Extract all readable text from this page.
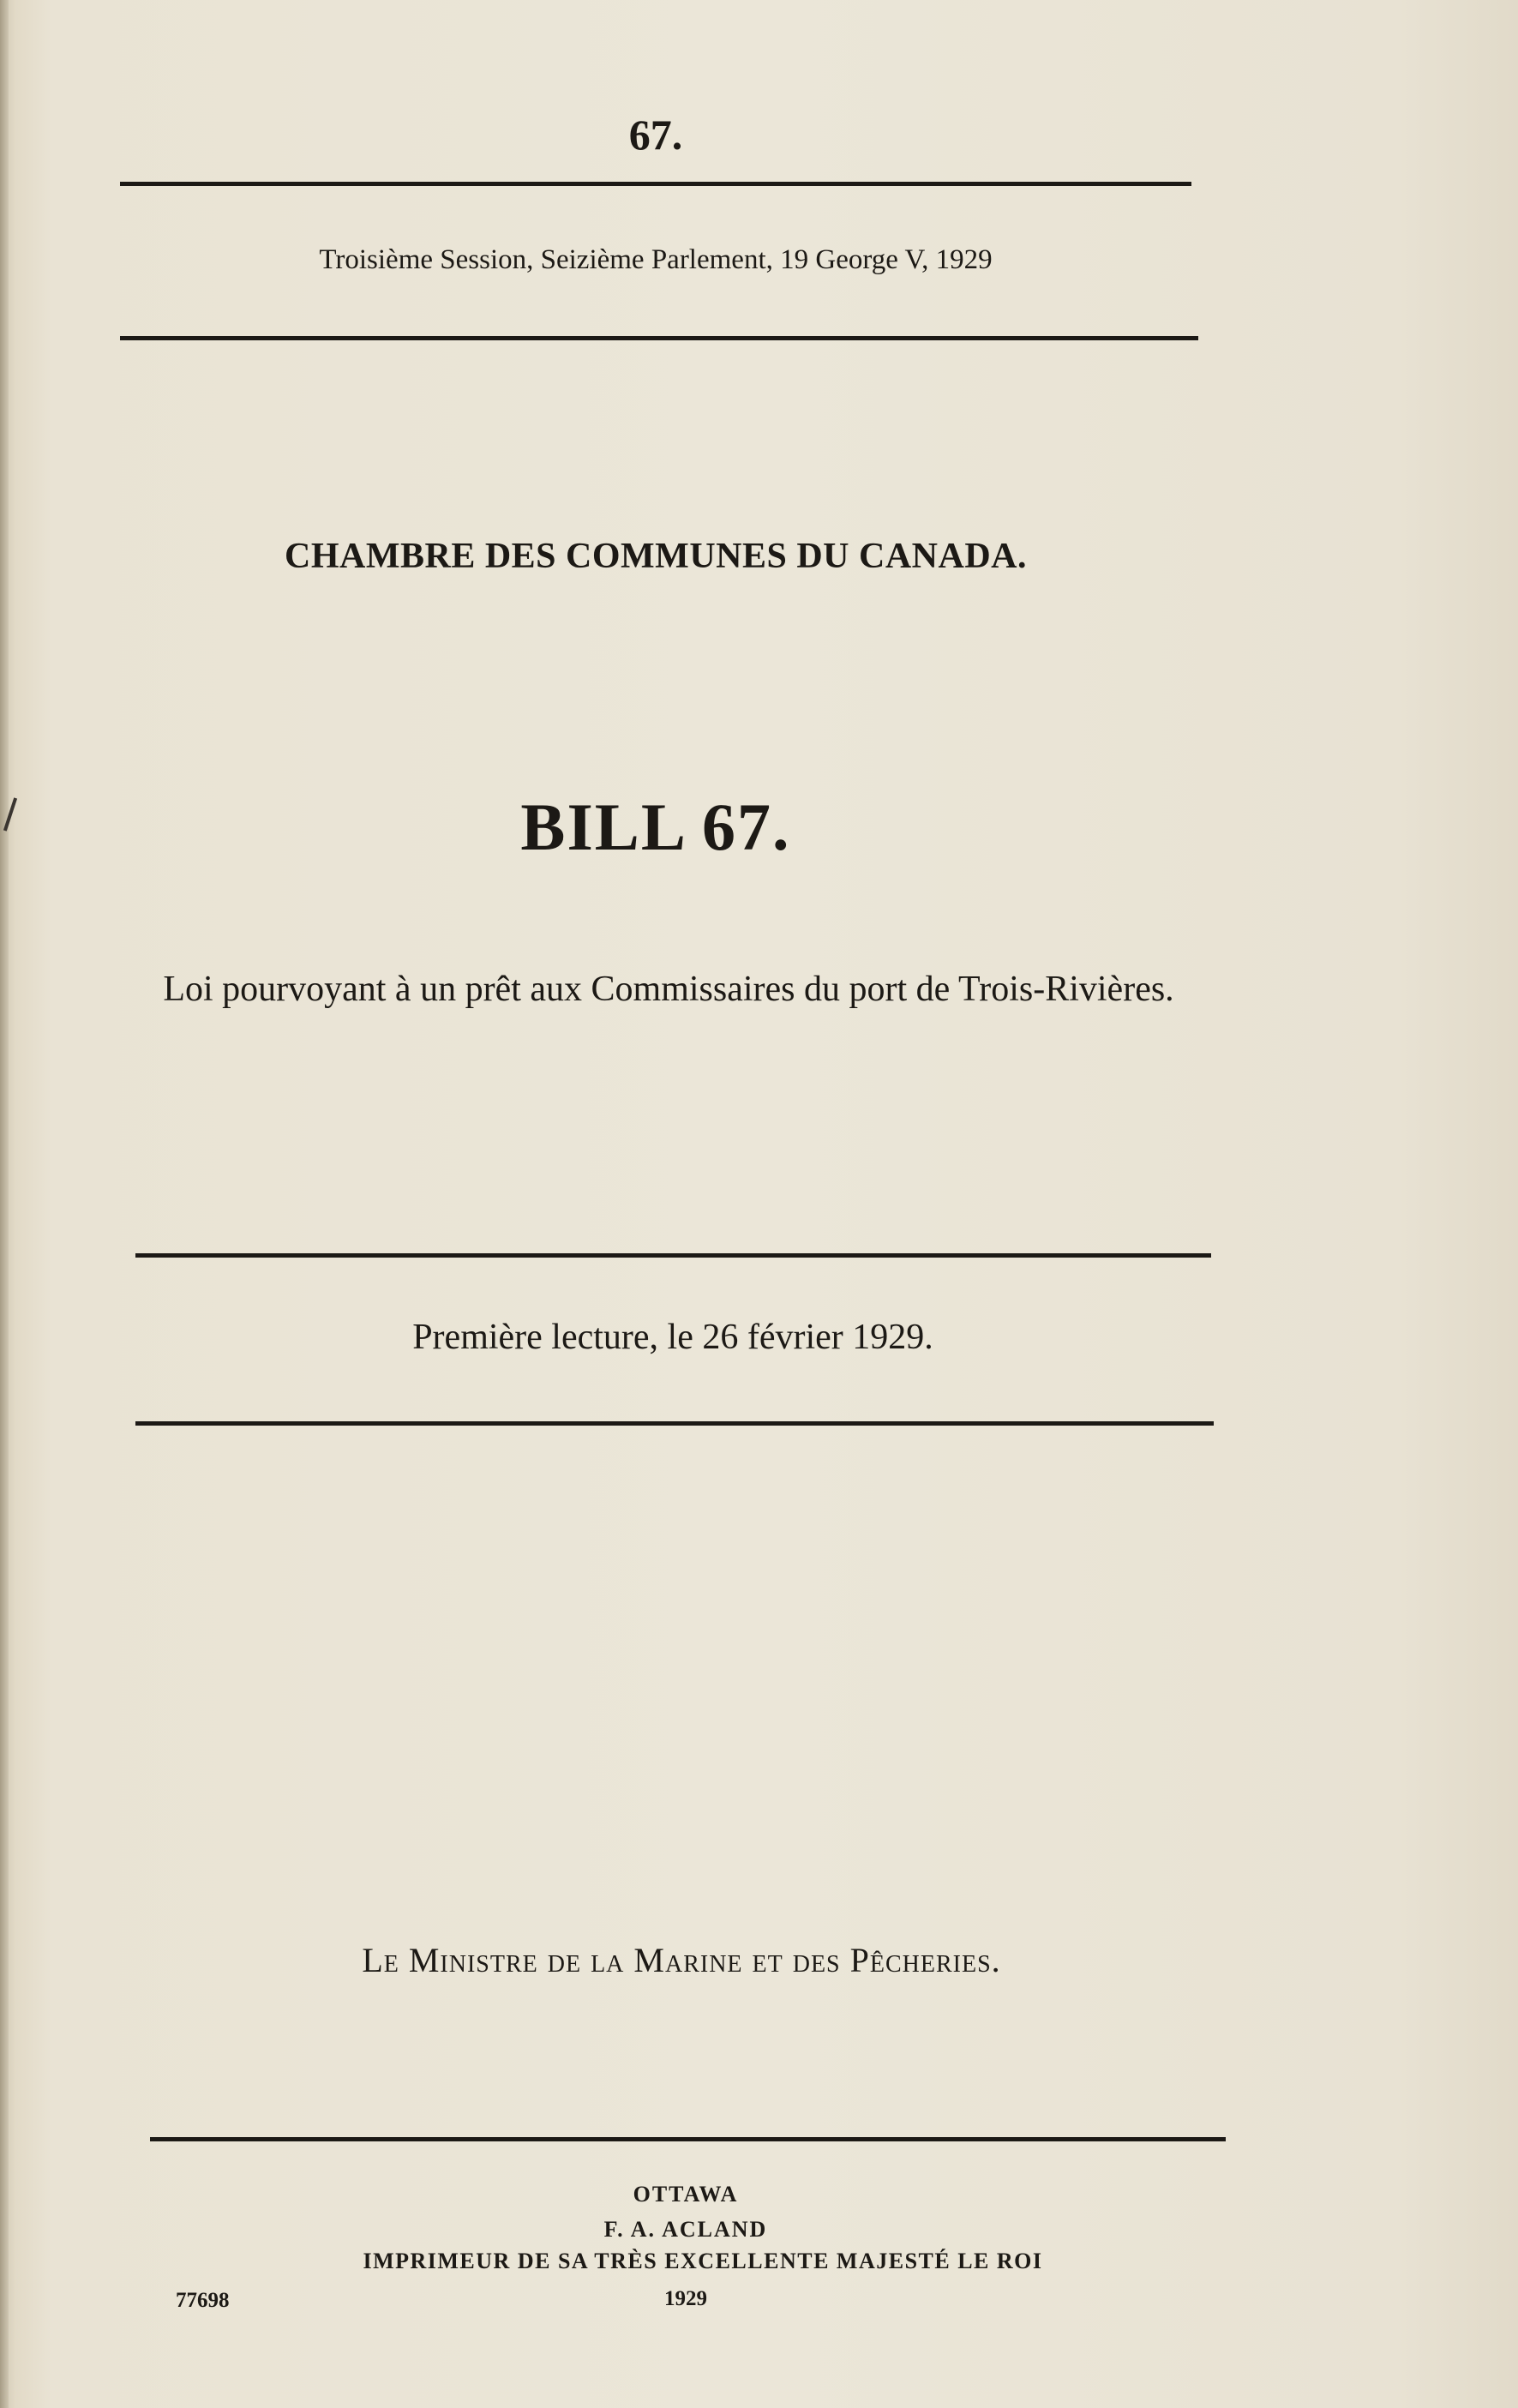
67.
Troisième Session, Seizième Parlement, 19 George V, 1929
CHAMBRE DES COMMUNES DU CANADA.
BILL 67.
Loi pourvoyant à un prêt aux Commissaires du port de Trois-Rivières.
Première lecture, le 26 février 1929.
Le Ministre de la Marine et des Pêcheries.
OTTAWA
F. A. ACLAND
IMPRIMEUR DE SA TRÈS EXCELLENTE MAJESTÉ LE ROI
1929
77698
